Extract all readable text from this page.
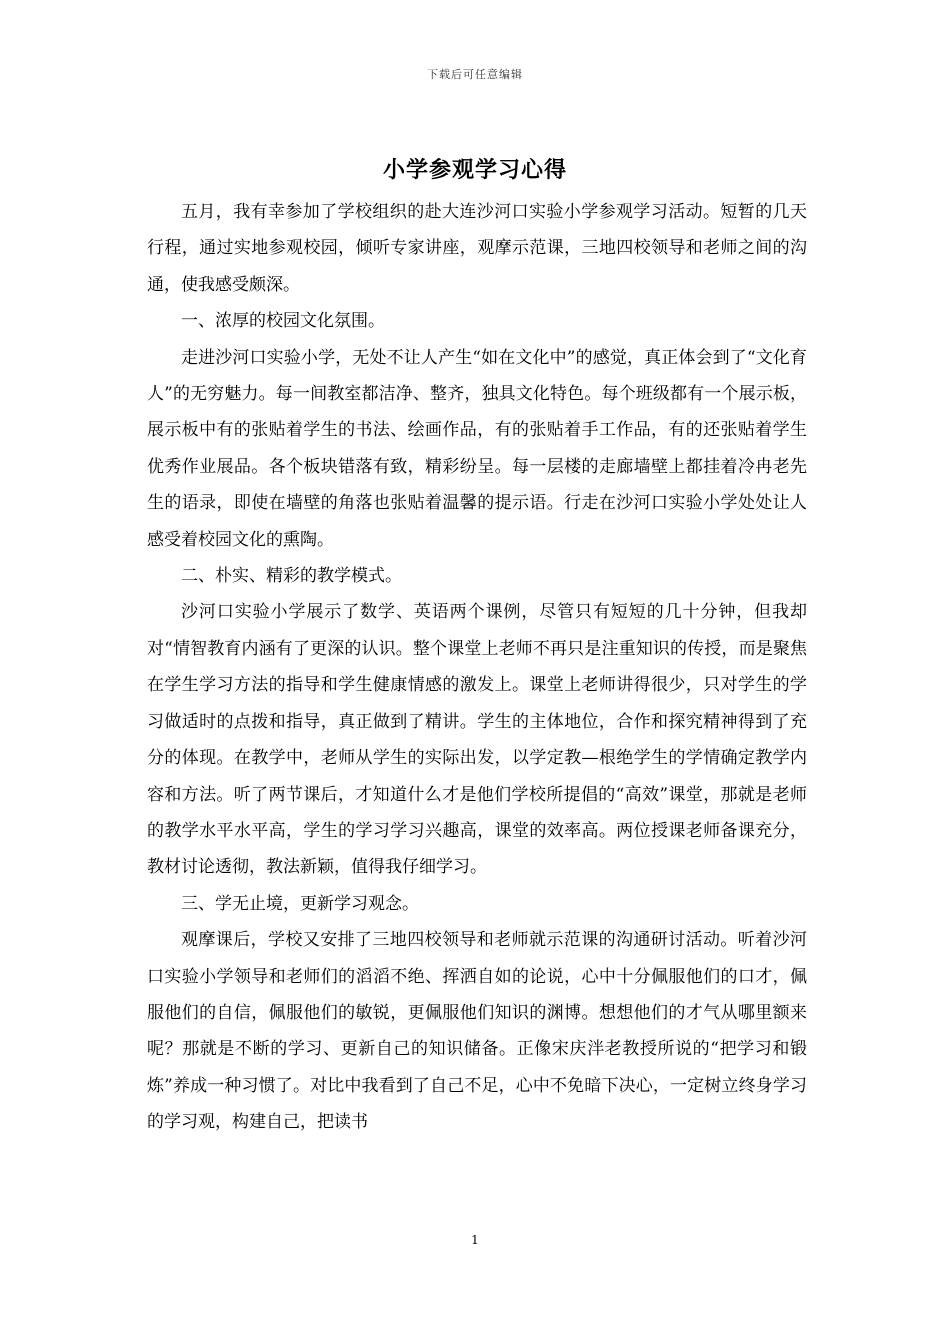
下载后可任意编辑
小学参观学习心得

五月，我有幸参加了学校组织的赴大连沙河口实验小学参观学习活动。短暂的几天行程，通过实地参观校园，倾听专家讲座，观摩示范课，三地四校领导和老师之间的沟通，使我感受颇深。

一、浓厚的校园文化氛围。

走进沙河口实验小学，无处不让人产生“如在文化中”的感觉，真正体会到了“文化育人”的无穷魅力。每一间教室都洁净、整齐，独具文化特色。每个班级都有一个展示板，展示板中有的张贴着学生的书法、绘画作品，有的张贴着手工作品，有的还张贴着学生优秀作业展品。各个板块错落有致，精彩纷呈。每一层楼的走廊墙壁上都挂着冷冉老先生的语录，即使在墙壁的角落也张贴着温馨的提示语。行走在沙河口实验小学处处让人感受着校园文化的熏陶。

二、朴实、精彩的教学模式。

沙河口实验小学展示了数学、英语两个课例，尽管只有短短的几十分钟，但我却对“情智教育内涵有了更深的认识。整个课堂上老师不再只是注重知识的传授，而是聚焦在学生学习方法的指导和学生健康情感的激发上。课堂上老师讲得很少，只对学生的学习做适时的点拨和指导，真正做到了精讲。学生的主体地位，合作和探究精神得到了充分的体现。在教学中，老师从学生的实际出发，以学定教—根绝学生的学情确定教学内容和方法。听了两节课后，才知道什么才是他们学校所提倡的“高效”课堂，那就是老师的教学水平水平高，学生的学习学习兴趣高，课堂的效率高。两位授课老师备课充分，教材讨论透彻，教法新颖，值得我仔细学习。

三、学无止境，更新学习观念。

观摩课后，学校又安排了三地四校领导和老师就示范课的沟通研讨活动。听着沙河口实验小学领导和老师们的滔滔不绝、挥洒自如的论说，心中十分佩服他们的口才，佩服他们的自信，佩服他们的敏锐，更佩服他们知识的渊博。想想他们的才气从哪里额来呢？那就是不断的学习、更新自己的知识储备。正像宋庆泮老教授所说的“把学习和锻炼”养成一种习惯了。对比中我看到了自己不足，心中不免暗下决心，一定树立终身学习的学习观，构建自己，把读书

1
